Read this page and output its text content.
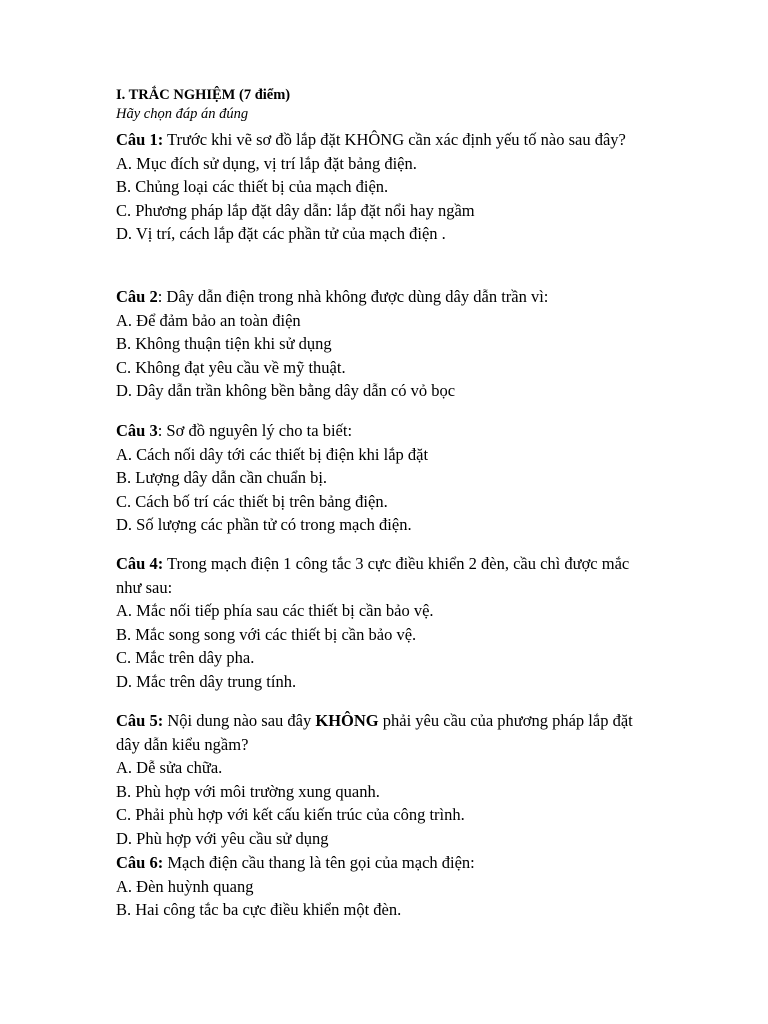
I. TRẮC NGHIỆM (7 điểm)
Hãy chọn đáp án đúng

Câu 1: Trước khi vẽ sơ đồ lắp đặt KHÔNG cần xác định yếu tố nào sau đây?

A. Mục đích sử dụng, vị trí lắp đặt bảng điện.

B. Chủng loại các thiết bị của mạch điện.

C. Phương pháp lắp đặt dây dẫn: lắp đặt nổi hay ngầm

D. Vị trí, cách lắp đặt các phần tử của mạch điện .

Câu 2: Dây dẫn điện trong nhà không được dùng dây dẫn trần vì:

A. Để đảm bảo an toàn điện

B. Không thuận tiện khi sử dụng

C. Không đạt yêu cầu về mỹ thuật.

D. Dây dẫn trần không bền bằng dây dẫn có vỏ bọc

Câu 3: Sơ đồ nguyên lý cho ta biết:

A. Cách nối dây tới các thiết bị điện khi lắp đặt

B. Lượng dây dẫn cần chuẩn bị.

C. Cách bố trí các thiết bị trên bảng điện.

D. Số lượng các phần tử có trong mạch điện.

Câu 4: Trong mạch điện 1 công tắc 3 cực điều khiển 2 đèn, cầu chì được mắc như sau:

A. Mắc nối tiếp phía sau các thiết bị cần bảo vệ.

B. Mắc song song với các thiết bị cần bảo vệ.

C. Mắc trên dây pha.

D. Mắc trên dây trung tính.

Câu 5: Nội dung nào sau đây KHÔNG phải yêu cầu của phương pháp lắp đặt dây dẫn kiểu ngầm?

A. Dễ sửa chữa.

B. Phù hợp với môi trường xung quanh.

C. Phải phù hợp với kết cấu kiến trúc của công trình.

D. Phù hợp với yêu cầu sử dụng

Câu 6: Mạch điện cầu thang là tên gọi của mạch điện:

A. Đèn huỳnh quang

B. Hai công tắc ba cực điều khiển một đèn.
